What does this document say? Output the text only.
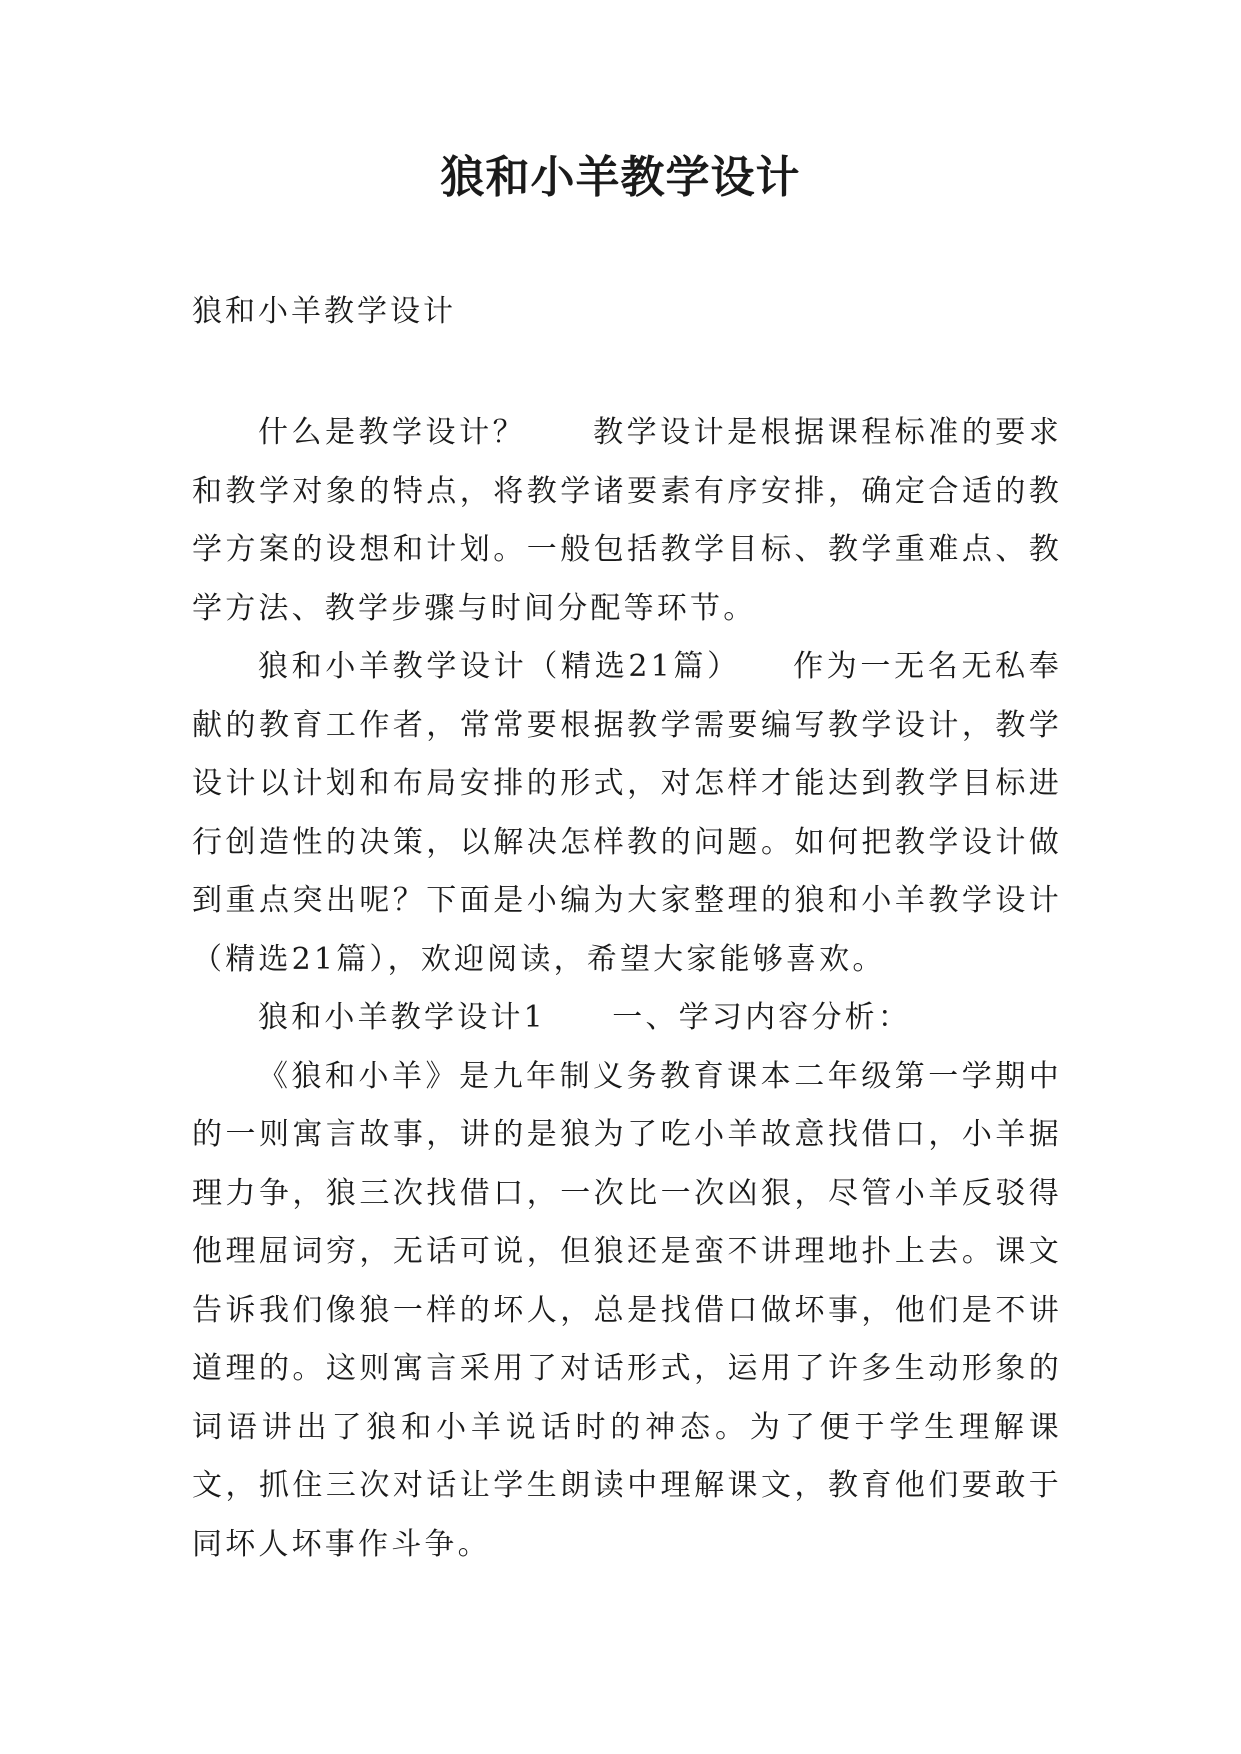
狼和小羊教学设计

狼和小羊教学设计

什么是教学设计？　　教学设计是根据课程标准的要求和教学对象的特点，将教学诸要素有序安排，确定合适的教学方案的设想和计划。一般包括教学目标、教学重难点、教学方法、教学步骤与时间分配等环节。

狼和小羊教学设计（精选21篇）　　作为一无名无私奉献的教育工作者，常常要根据教学需要编写教学设计，教学设计以计划和布局安排的形式，对怎样才能达到教学目标进行创造性的决策，以解决怎样教的问题。如何把教学设计做到重点突出呢？下面是小编为大家整理的狼和小羊教学设计（精选21篇），欢迎阅读，希望大家能够喜欢。

狼和小羊教学设计1　　一、学习内容分析：

《狼和小羊》是九年制义务教育课本二年级第一学期中的一则寓言故事，讲的是狼为了吃小羊故意找借口，小羊据理力争，狼三次找借口，一次比一次凶狠，尽管小羊反驳得他理屈词穷，无话可说，但狼还是蛮不讲理地扑上去。课文告诉我们像狼一样的坏人，总是找借口做坏事，他们是不讲道理的。这则寓言采用了对话形式，运用了许多生动形象的词语讲出了狼和小羊说话时的神态。为了便于学生理解课文，抓住三次对话让学生朗读中理解课文，教育他们要敢于同坏人坏事作斗争。
